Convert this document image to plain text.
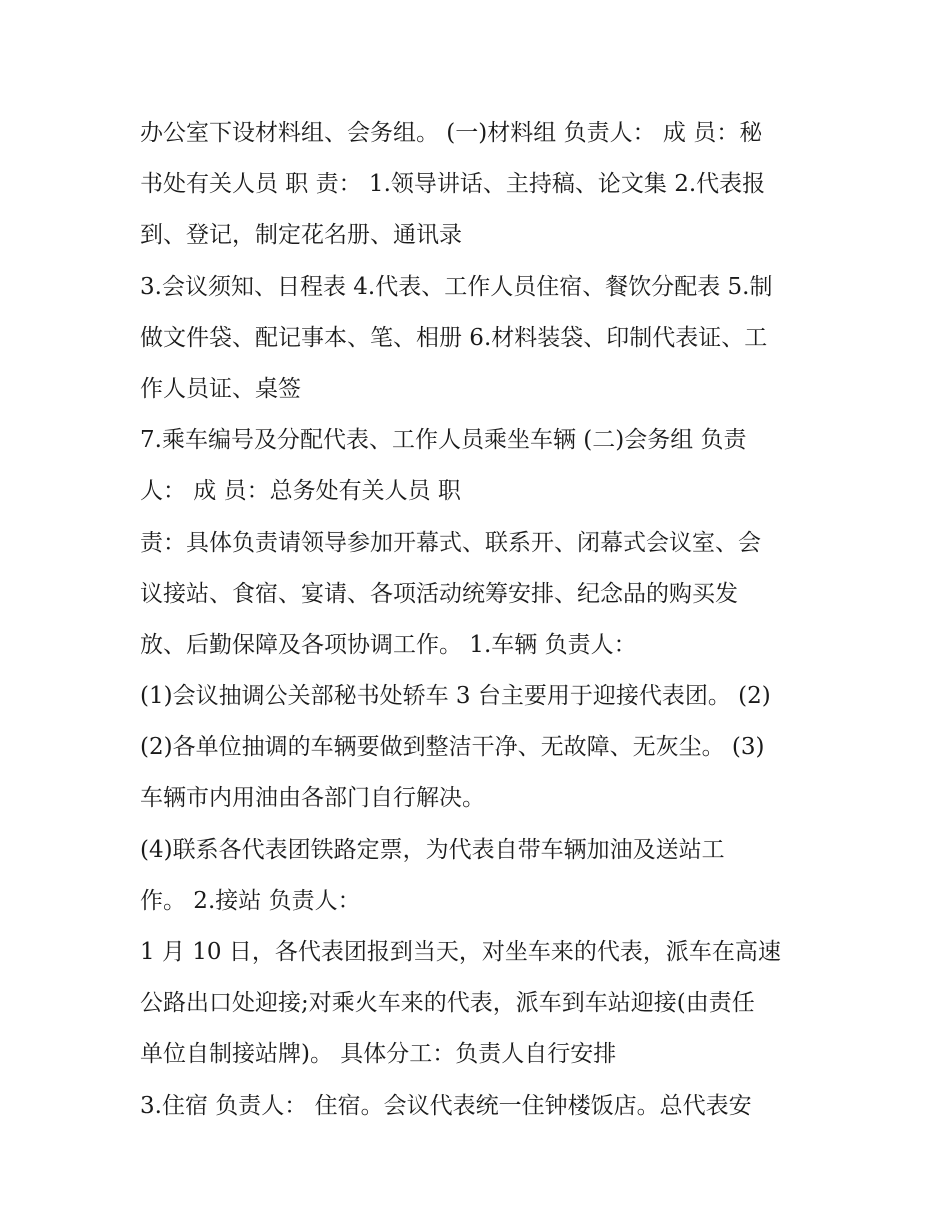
办公室下设材料组、会务组。 (一)材料组 负责人： 成 员：秘
书处有关人员 职 责： 1.领导讲话、主持稿、论文集 2.代表报
到、登记，制定花名册、通讯录
3.会议须知、日程表 4.代表、工作人员住宿、餐饮分配表 5.制
做文件袋、配记事本、笔、相册 6.材料装袋、印制代表证、工
作人员证、桌签
7.乘车编号及分配代表、工作人员乘坐车辆 (二)会务组 负责
人： 成 员：总务处有关人员 职
责：具体负责请领导参加开幕式、联系开、闭幕式会议室、会
议接站、食宿、宴请、各项活动统筹安排、纪念品的购买发
放、后勤保障及各项协调工作。 1.车辆 负责人：
(1)会议抽调公关部秘书处轿车 3 台主要用于迎接代表团。 (2)
(2)各单位抽调的车辆要做到整洁干净、无故障、无灰尘。 (3)
车辆市内用油由各部门自行解决。
(4)联系各代表团铁路定票，为代表自带车辆加油及送站工
作。 2.接站 负责人：
1 月 10 日，各代表团报到当天，对坐车来的代表，派车在高速
公路出口处迎接;对乘火车来的代表，派车到车站迎接(由责任
单位自制接站牌)。 具体分工：负责人自行安排
3.住宿 负责人： 住宿。会议代表统一住钟楼饭店。总代表安
